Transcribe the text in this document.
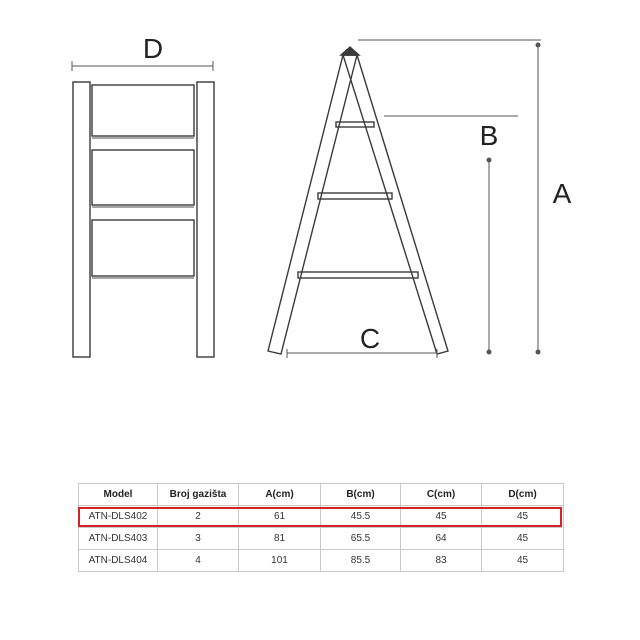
D
C
A
B
Model	Broj gazišta	A(cm)	B(cm)	C(cm)	D(cm)
ATN-DLS402	2	61	45.5	45	45
ATN-DLS403	3	81	65.5	64	45
ATN-DLS404	4	101	85.5	83	45
